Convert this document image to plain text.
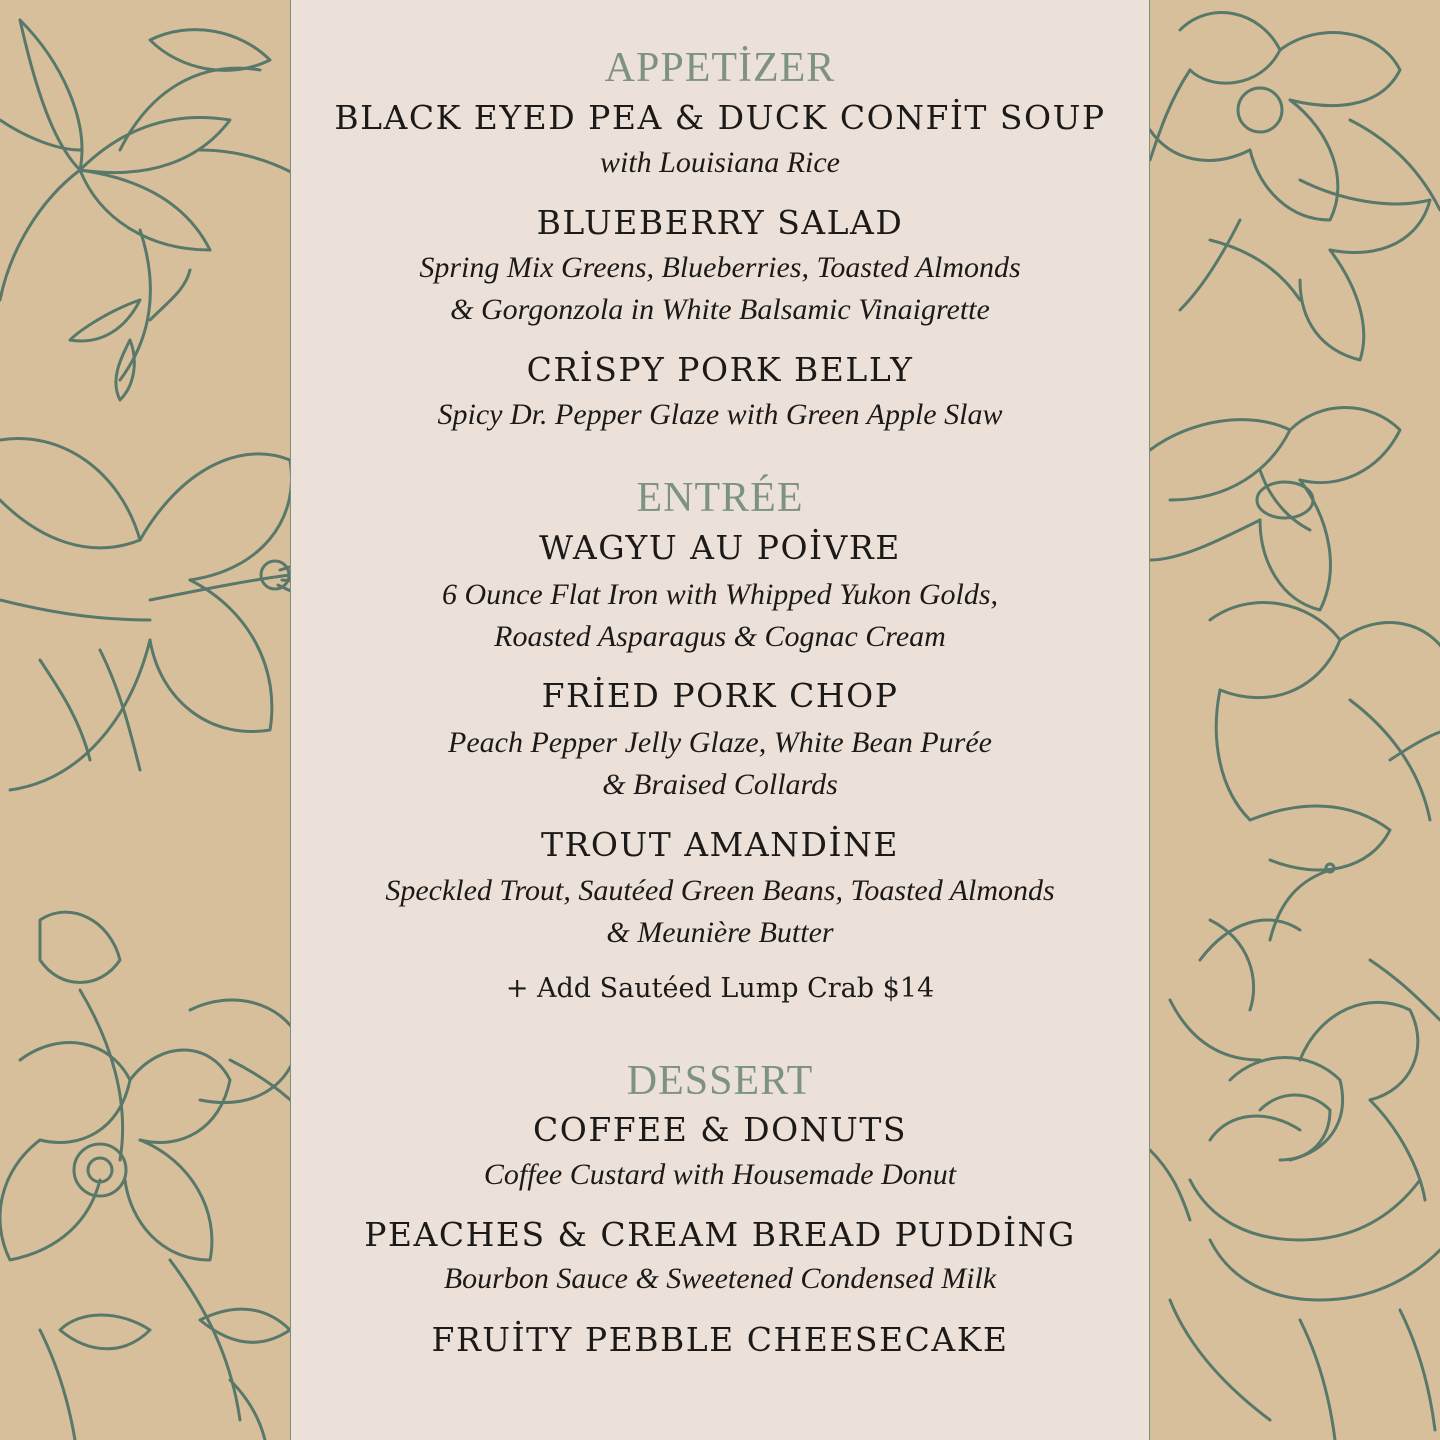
APPETİZER
BLACK EYED PEA & DUCK CONFİT SOUP
with Louisiana Rice
BLUEBERRY SALAD
Spring Mix Greens, Blueberries, Toasted Almonds
& Gorgonzola in White Balsamic Vinaigrette
CRİSPY PORK BELLY
Spicy Dr. Pepper Glaze with Green Apple Slaw
ENTRÉE
WAGYU AU POİVRE
6 Ounce Flat Iron with Whipped Yukon Golds,
Roasted Asparagus & Cognac Cream
FRİED PORK CHOP
Peach Pepper Jelly Glaze, White Bean Purée
& Braised Collards
TROUT AMANDİNE
Speckled Trout, Sautéed Green Beans, Toasted Almonds
& Meunière Butter
+ Add Sautéed Lump Crab $14
DESSERT
COFFEE & DONUTS
Coffee Custard with Housemade Donut
PEACHES & CREAM BREAD PUDDİNG
Bourbon Sauce & Sweetened Condensed Milk
FRUİTY PEBBLE CHEESECAKE
